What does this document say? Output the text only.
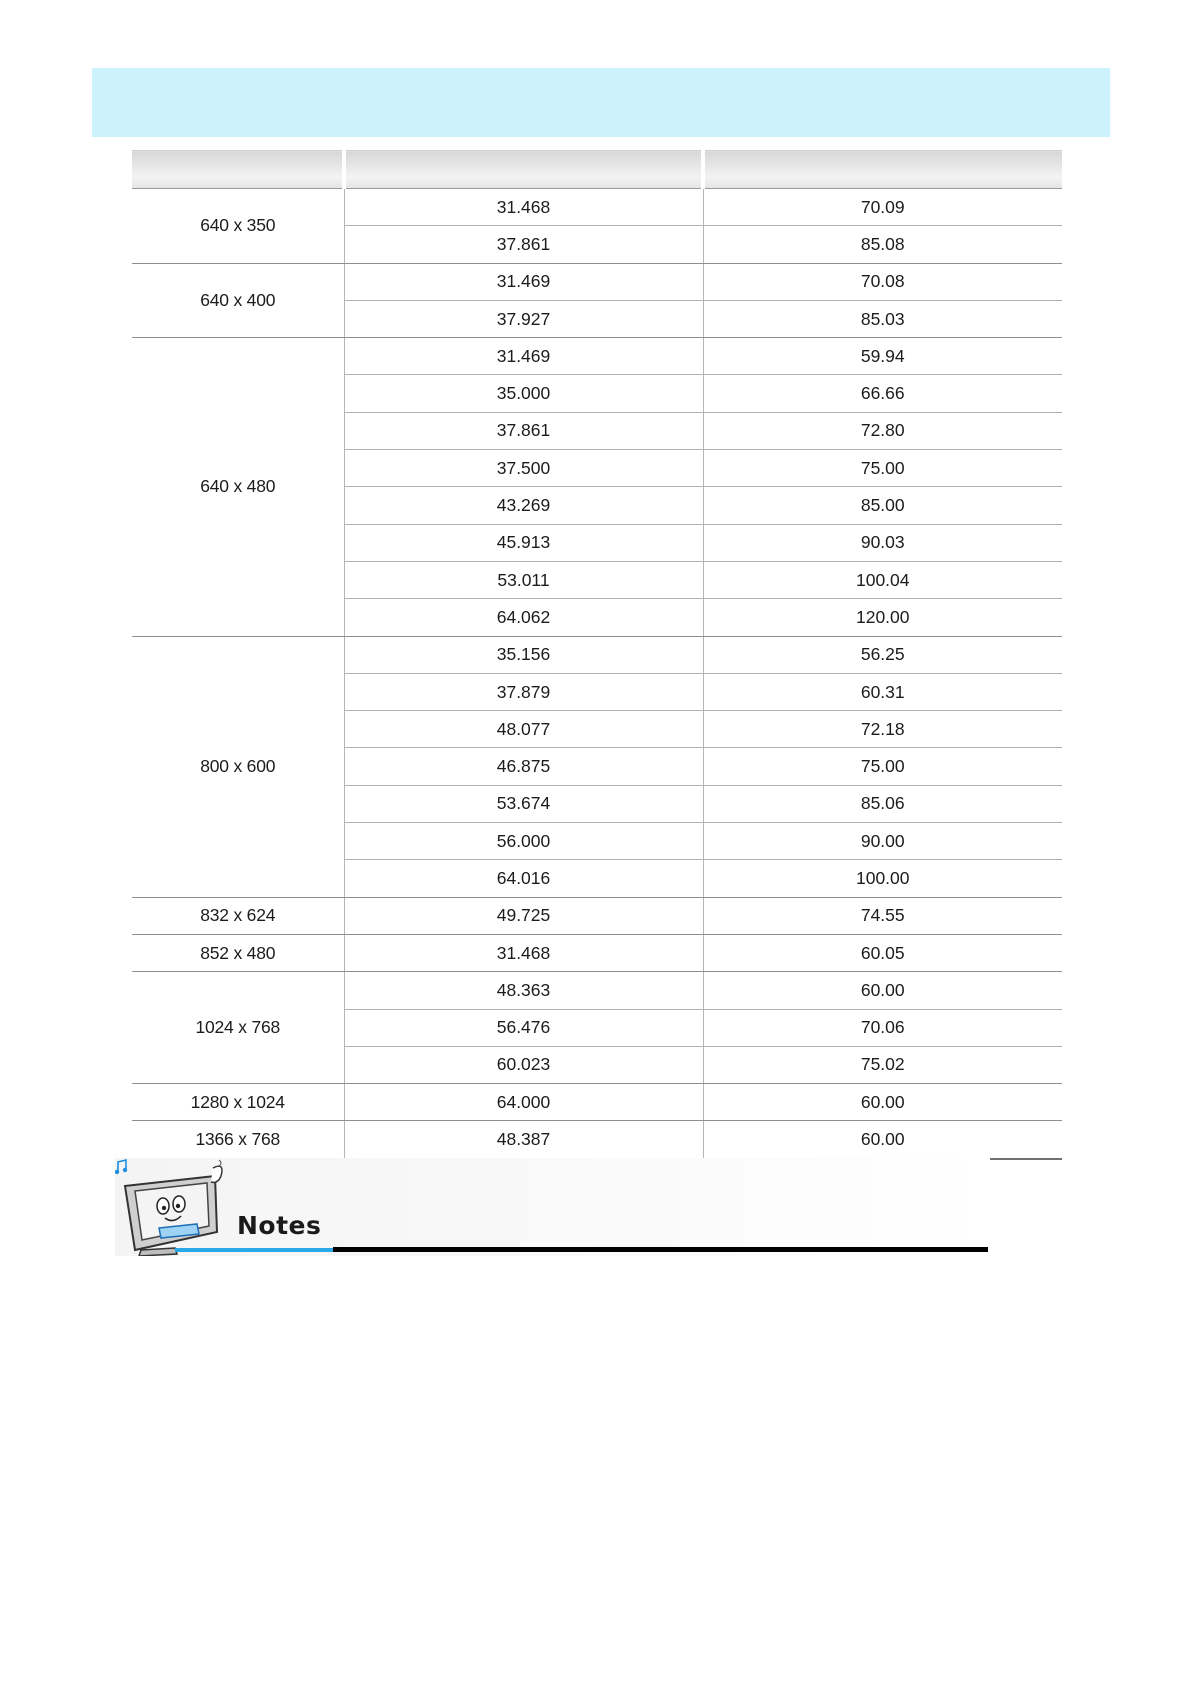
640 x 350	31.468	70.09
	37.861	85.08
640 x 400	31.469	70.08
	37.927	85.03
640 x 480	31.469	59.94
	35.000	66.66
	37.861	72.80
	37.500	75.00
	43.269	85.00
	45.913	90.03
	53.011	100.04
	64.062	120.00
800 x 600	35.156	56.25
	37.879	60.31
	48.077	72.18
	46.875	75.00
	53.674	85.06
	56.000	90.00
	64.016	100.00
832 x 624	49.725	74.55
852 x 480	31.468	60.05
1024 x 768	48.363	60.00
	56.476	70.06
	60.023	75.02
1280 x 1024	64.000	60.00
1366 x 768	48.387	60.00
Notes
